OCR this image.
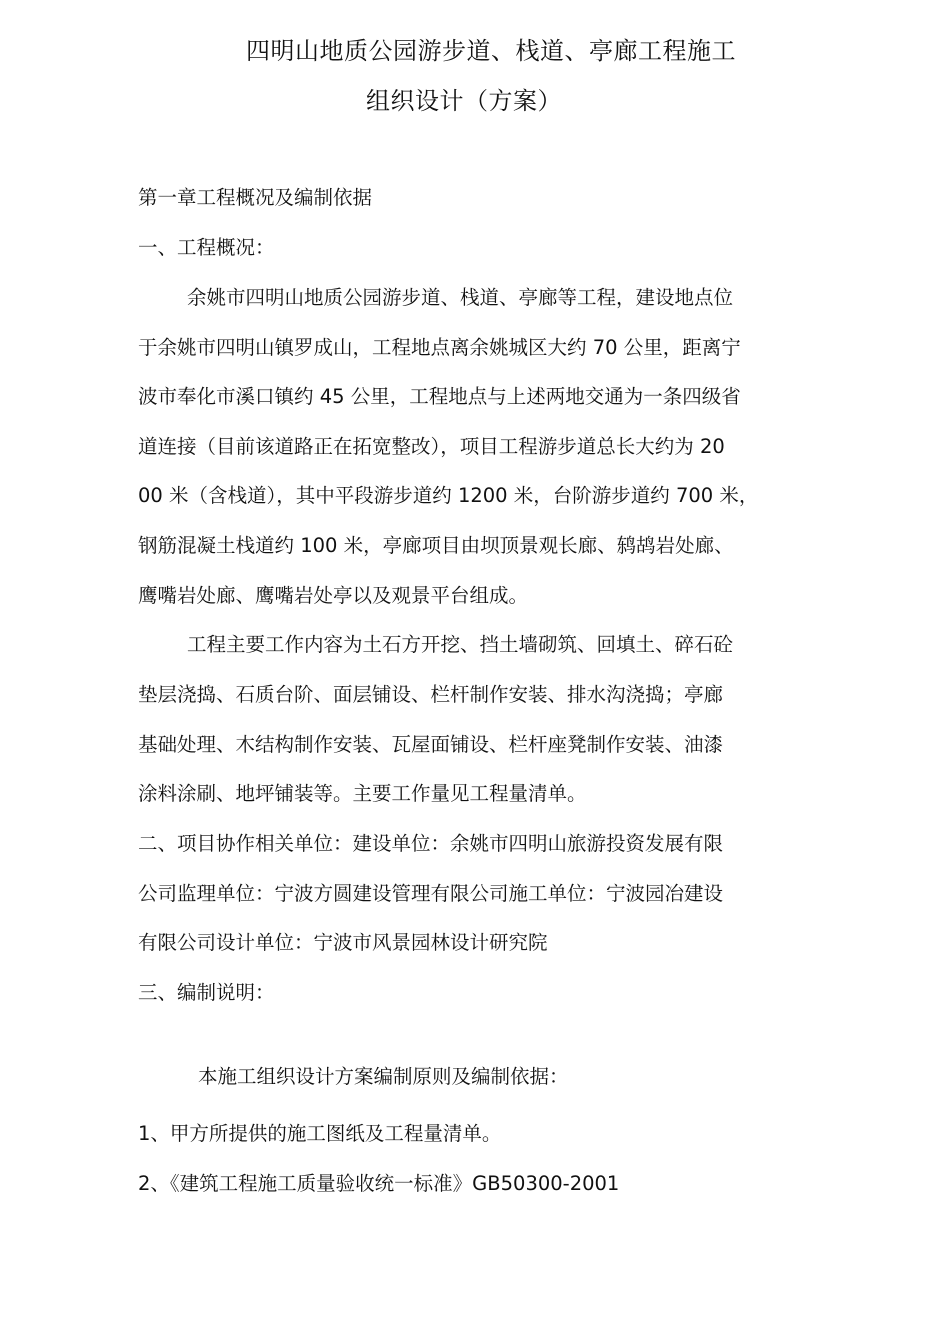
四明山地质公园游步道、栈道、亭廊工程施工
组织设计（方案）
第一章工程概况及编制依据
一、工程概况：
余姚市四明山地质公园游步道、栈道、亭廊等工程，建设地点位
于余姚市四明山镇罗成山，工程地点离余姚城区大约 70 公里，距离宁
波市奉化市溪口镇约 45 公里，工程地点与上述两地交通为一条四级省
道连接（目前该道路正在拓宽整改），项目工程游步道总长大约为 20
00 米（含栈道），其中平段游步道约 1200 米，台阶游步道约 700 米，
钢筋混凝土栈道约 100 米，亭廊项目由坝顶景观长廊、鸫鸪岩处廊、
鹰嘴岩处廊、鹰嘴岩处亭以及观景平台组成。
工程主要工作内容为土石方开挖、挡土墙砌筑、回填土、碎石砼
垫层浇捣、石质台阶、面层铺设、栏杆制作安装、排水沟浇捣；亭廊
基础处理、木结构制作安装、瓦屋面铺设、栏杆座凳制作安装、油漆
涂料涂刷、地坪铺装等。主要工作量见工程量清单。
二、项目协作相关单位：建设单位：余姚市四明山旅游投资发展有限
公司监理单位：宁波方圆建设管理有限公司施工单位：宁波园冶建设
有限公司设计单位：宁波市风景园林设计研究院
三、编制说明：
本施工组织设计方案编制原则及编制依据：
1、甲方所提供的施工图纸及工程量清单。
2、《建筑工程施工质量验收统一标准》GB50300-2001
